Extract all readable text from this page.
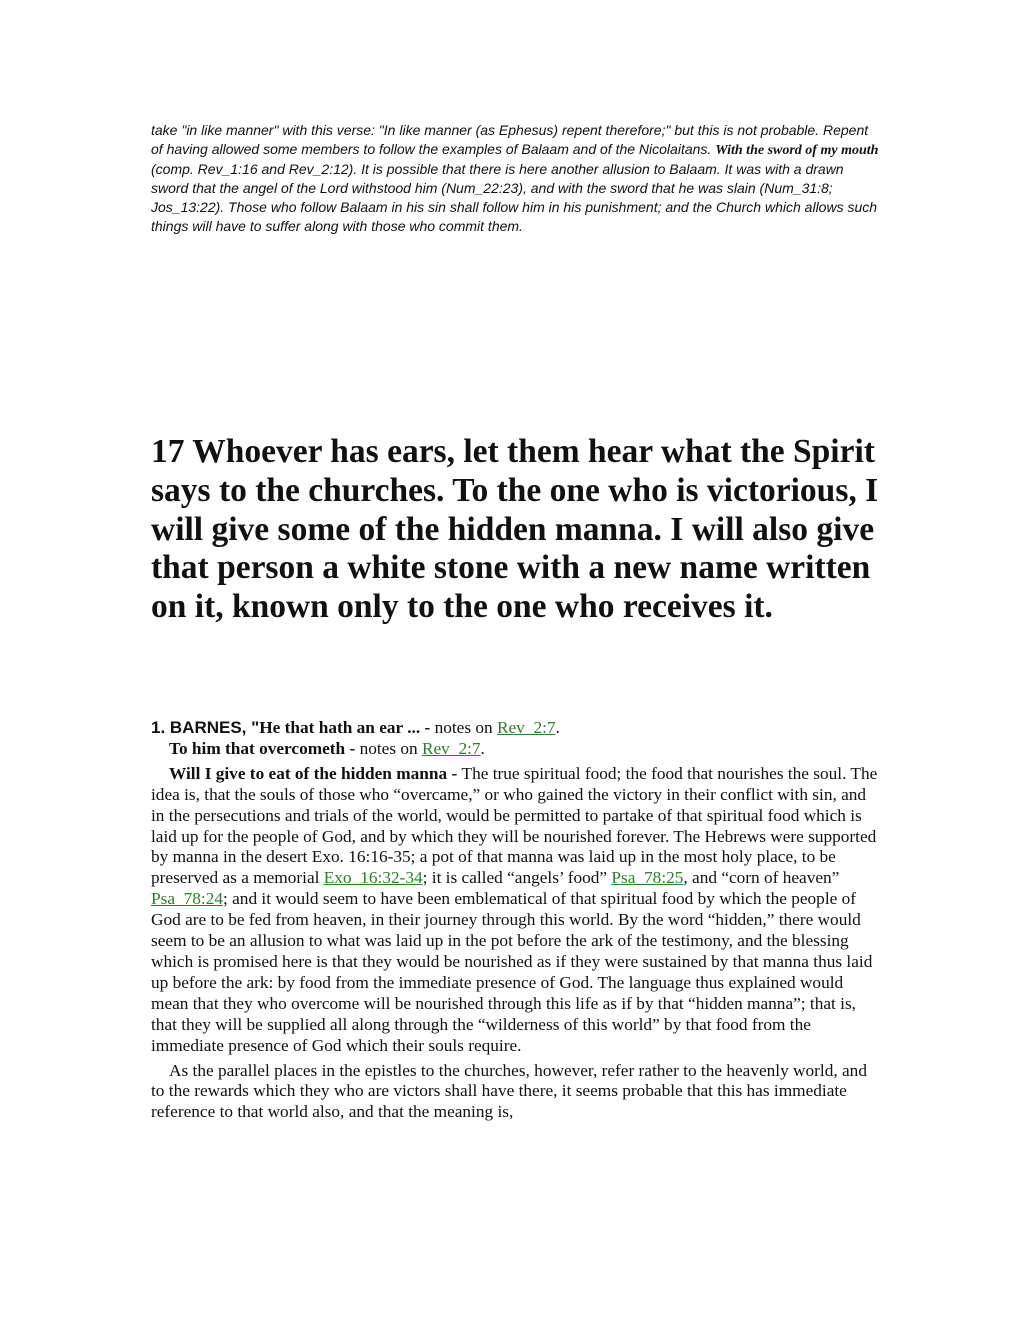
take "in like manner" with this verse: "In like manner (as Ephesus) repent therefore;" but this is not probable. Repent of having allowed some members to follow the examples of Balaam and of the Nicolaitans. With the sword of my mouth (comp. Rev_1:16 and Rev_2:12). It is possible that there is here another allusion to Balaam. It was with a drawn sword that the angel of the Lord withstood him (Num_22:23), and with the sword that he was slain (Num_31:8; Jos_13:22). Those who follow Balaam in his sin shall follow him in his punishment; and the Church which allows such things will have to suffer along with those who commit them.

17 Whoever has ears, let them hear what the Spirit says to the churches. To the one who is victorious, I will give some of the hidden manna. I will also give that person a white stone with a new name written on it, known only to the one who receives it.

1. BARNES, "He that hath an ear ... - notes on Rev_2:7.

To him that overcometh - notes on Rev_2:7.

Will I give to eat of the hidden manna - The true spiritual food; the food that nourishes the soul. The idea is, that the souls of those who “overcame,” or who gained the victory in their conflict with sin, and in the persecutions and trials of the world, would be permitted to partake of that spiritual food which is laid up for the people of God, and by which they will be nourished forever. The Hebrews were supported by manna in the desert Exo. 16:16-35; a pot of that manna was laid up in the most holy place, to be preserved as a memorial Exo_16:32-34; it is called “angels’ food” Psa_78:25, and “corn of heaven” Psa_78:24; and it would seem to have been emblematical of that spiritual food by which the people of God are to be fed from heaven, in their journey through this world. By the word “hidden,” there would seem to be an allusion to what was laid up in the pot before the ark of the testimony, and the blessing which is promised here is that they would be nourished as if they were sustained by that manna thus laid up before the ark: by food from the immediate presence of God. The language thus explained would mean that they who overcome will be nourished through this life as if by that “hidden manna”; that is, that they will be supplied all along through the “wilderness of this world” by that food from the immediate presence of God which their souls require.

As the parallel places in the epistles to the churches, however, refer rather to the heavenly world, and to the rewards which they who are victors shall have there, it seems probable that this has immediate reference to that world also, and that the meaning is,
